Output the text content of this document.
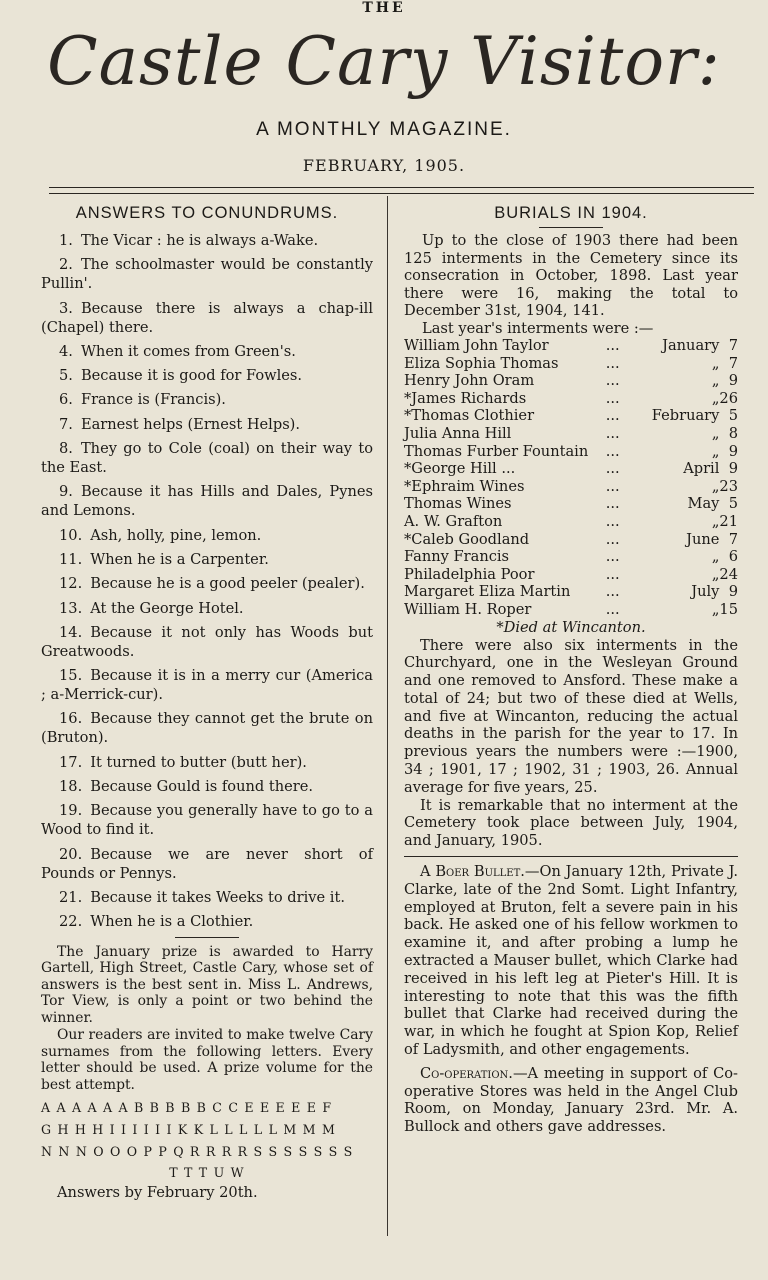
THE
Castle Cary Visitor:
A MONTHLY MAGAZINE.
FEBRUARY, 1905.
ANSWERS TO CONUNDRUMS.

1. The Vicar : he is always a-Wake.

2. The schoolmaster would be constantly Pullin'.

3. Because there is always a chap-ill (Chapel) there.

4. When it comes from Green's.

5. Because it is good for Fowles.

6. France is (Francis).

7. Earnest helps (Ernest Helps).

8. They go to Cole (coal) on their way to the East.

9. Because it has Hills and Dales, Pynes and Lemons.

10. Ash, holly, pine, lemon.

11. When he is a Carpenter.

12. Because he is a good peeler (pealer).

13. At the George Hotel.

14. Because it not only has Woods but Greatwoods.

15. Because it is in a merry cur (America ; a-Merrick-cur).

16. Because they cannot get the brute on (Bruton).

17. It turned to butter (butt her).

18. Because Gould is found there.

19. Because you generally have to go to a Wood to find it.

20. Because we are never short of Pounds or Pennys.

21. Because it takes Weeks to drive it.

22. When he is a Clothier.

The January prize is awarded to Harry Gartell, High Street, Castle Cary, whose set of answers is the best sent in. Miss L. Andrews, Tor View, is only a point or two behind the winner.

Our readers are invited to make twelve Cary surnames from the following letters. Every letter should be used. A prize volume for the best attempt.

A A A A A A B B B B B C C E E E E E F
G H H H I I I I I I K K L L L L L M M M
N N N O O O P P Q R R R R S S S S S S S
T T T U W

Answers by February 20th.

BURIALS IN 1904.

Up to the close of 1903 there had been 125 interments in the Cemetery since its consecration in October, 1898. Last year there were 16, making the total to December 31st, 1904, 141.

Last year's interments were :—

William John Taylor	...	January	7
Eliza Sophia Thomas	...	„	7
Henry John Oram	...	„	9
*James Richards	...	„	26
*Thomas Clothier	...	February	5
Julia Anna Hill	...	„	8
Thomas Furber Fountain	...	„	9
*George Hill ...	...	April	9
*Ephraim Wines	...	„	23
Thomas Wines	...	May	5
A. W. Grafton	...	„	21
*Caleb Goodland	...	June	7
Fanny Francis	...	„	6
Philadelphia Poor	...	„	24
Margaret Eliza Martin	...	July	9
William H. Roper	...	„	15
*Died at Wincanton.

There were also six interments in the Churchyard, one in the Wesleyan Ground and one removed to Ansford. These make a total of 24; but two of these died at Wells, and five at Wincanton, reducing the actual deaths in the parish for the year to 17. In previous years the numbers were :—1900, 34 ; 1901, 17 ; 1902, 31 ; 1903, 26. Annual average for five years, 25.

It is remarkable that no interment at the Cemetery took place between July, 1904, and January, 1905.

A Boer Bullet.—On January 12th, Private J. Clarke, late of the 2nd Somt. Light Infantry, employed at Bruton, felt a severe pain in his back. He asked one of his fellow workmen to examine it, and after probing a lump he extracted a Mauser bullet, which Clarke had received in his left leg at Pieter's Hill. It is interesting to note that this was the fifth bullet that Clarke had received during the war, in which he fought at Spion Kop, Relief of Ladysmith, and other engagements.

Co-operation.—A meeting in support of Co-operative Stores was held in the Angel Club Room, on Monday, January 23rd. Mr. A. Bullock and others gave addresses.
